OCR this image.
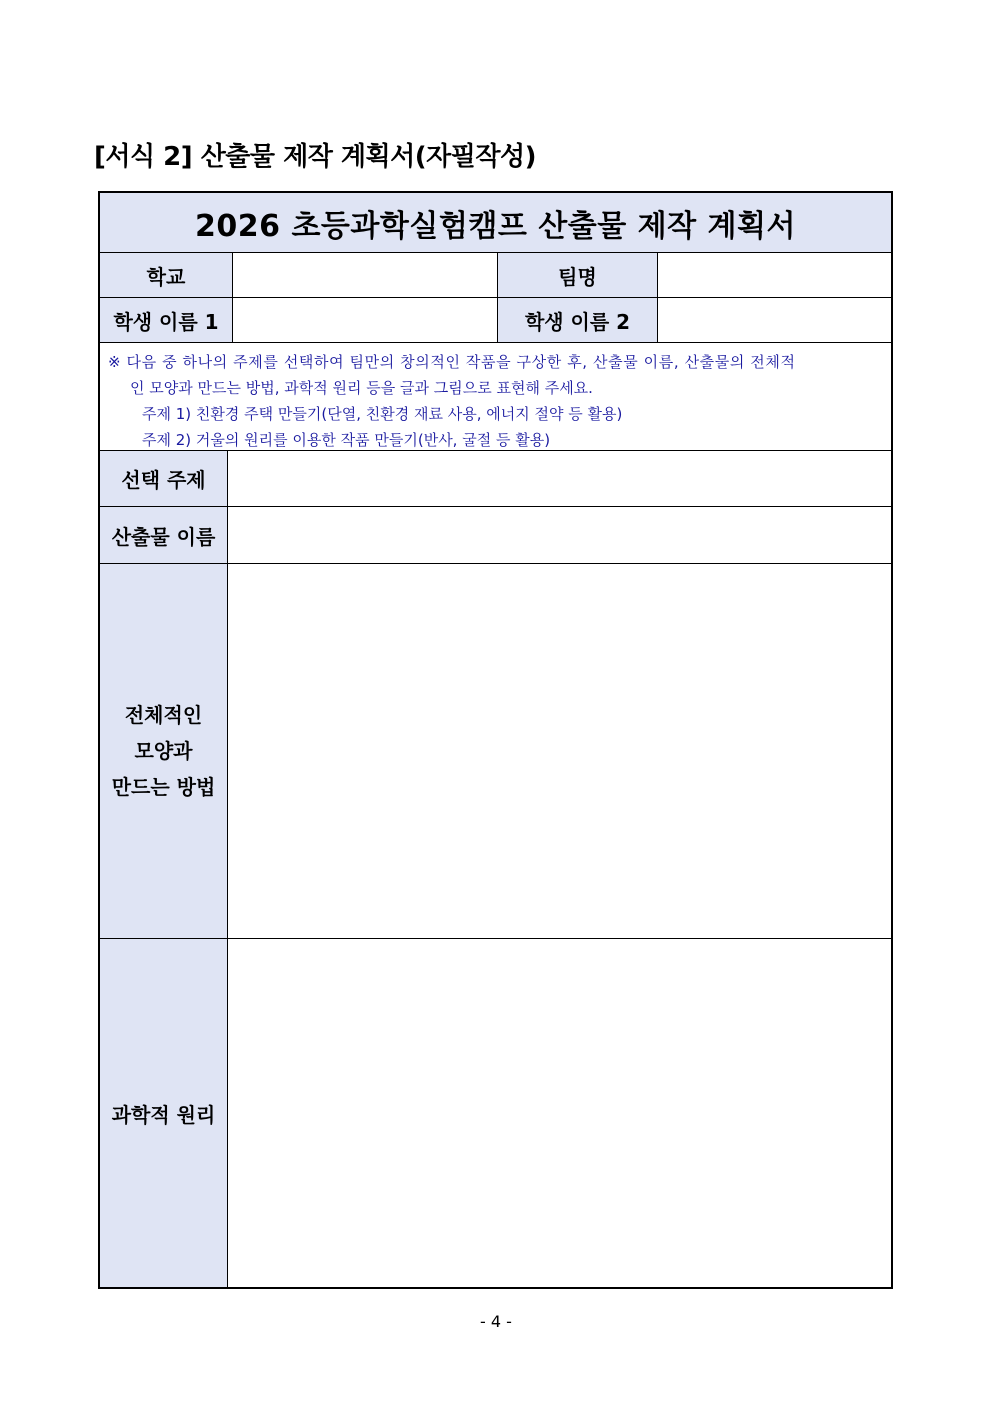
[서식 2] 산출물 제작 계획서(자필작성)
2026 초등과학실험캠프 산출물 제작 계획서
학교	팀명
학생 이름 1	학생 이름 2
※ 다음 중 하나의 주제를 선택하여 팀만의 창의적인 작품을 구상한 후, 산출물 이름, 산출물의 전체적
인 모양과 만드는 방법, 과학적 원리 등을 글과 그림으로 표현해 주세요.
주제 1) 친환경 주택 만들기(단열, 친환경 재료 사용, 에너지 절약 등 활용)
주제 2) 거울의 원리를 이용한 작품 만들기(반사, 굴절 등 활용)
선택 주제
산출물 이름
전체적인
모양과
만드는 방법
과학적 원리
- 4 -
